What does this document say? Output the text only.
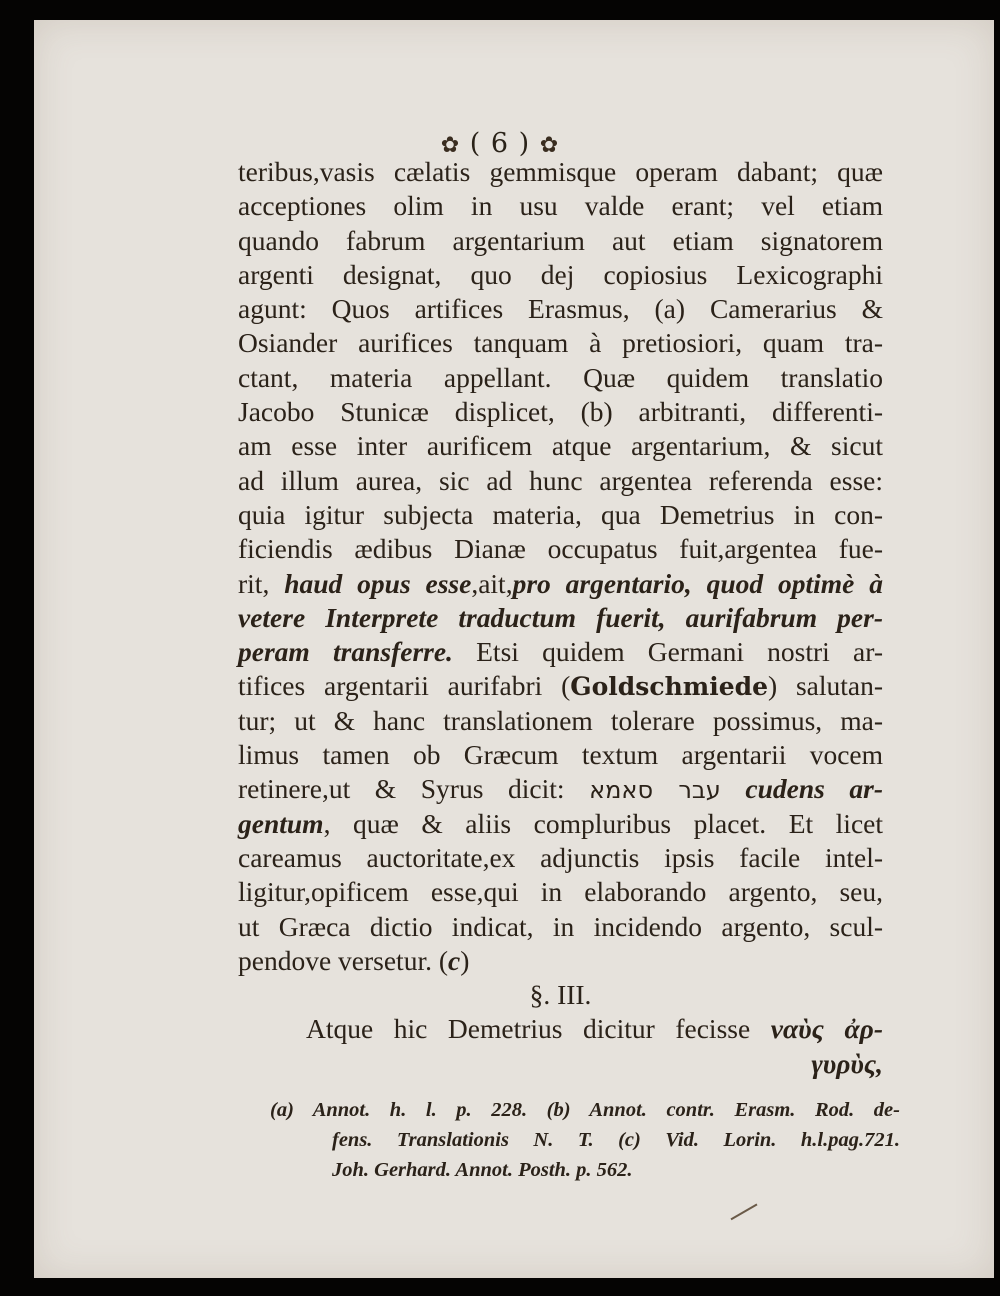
✿ ( 6 ) ✿
teribus,vasis cælatis gemmisque operam dabant; quæ
acceptiones olim in usu valde erant; vel etiam
quando fabrum argentarium aut etiam signatorem
argenti designat, quo dej copiosius Lexicographi
agunt: Quos artifices Erasmus, (a) Camerarius &
Osiander aurifices tanquam à pretiosiori, quam tra-
ctant, materia appellant. Quæ quidem translatio
Jacobo Stunicæ displicet, (b) arbitranti, differenti-
am esse inter aurificem atque argentarium, & sicut
ad illum aurea, sic ad hunc argentea referenda esse:
quia igitur subjecta materia, qua Demetrius in con-
ficiendis ædibus Dianæ occupatus fuit,argentea fue-
rit, haud opus esse,ait,pro argentario, quod optimè à
vetere Interprete traductum fuerit, aurifabrum per-
peram transferre. Etsi quidem Germani nostri ar-
tifices argentarii aurifabri (Goldschmiede) salutan-
tur; ut & hanc translationem tolerare possimus, ma-
limus tamen ob Græcum textum argentarii vocem
retinere,ut & Syrus dicit: עבר סאמא cudens ar-
gentum, quæ & aliis compluribus placet. Et licet
careamus auctoritate,ex adjunctis ipsis facile intel-
ligitur,opificem esse,qui in elaborando argento, seu,
ut Græca dictio indicat, in incidendo argento, scul-
pendove versetur. (c)
§. III.
Atque hic Demetrius dicitur fecisse ναὺς ἀρ-
γυρὺς,
(a) Annot. h. l. p. 228. (b) Annot. contr. Erasm. Rod. de-
fens. Translationis N. T. (c) Vid. Lorin. h.l.pag.721.
Joh. Gerhard. Annot. Posth. p. 562.
